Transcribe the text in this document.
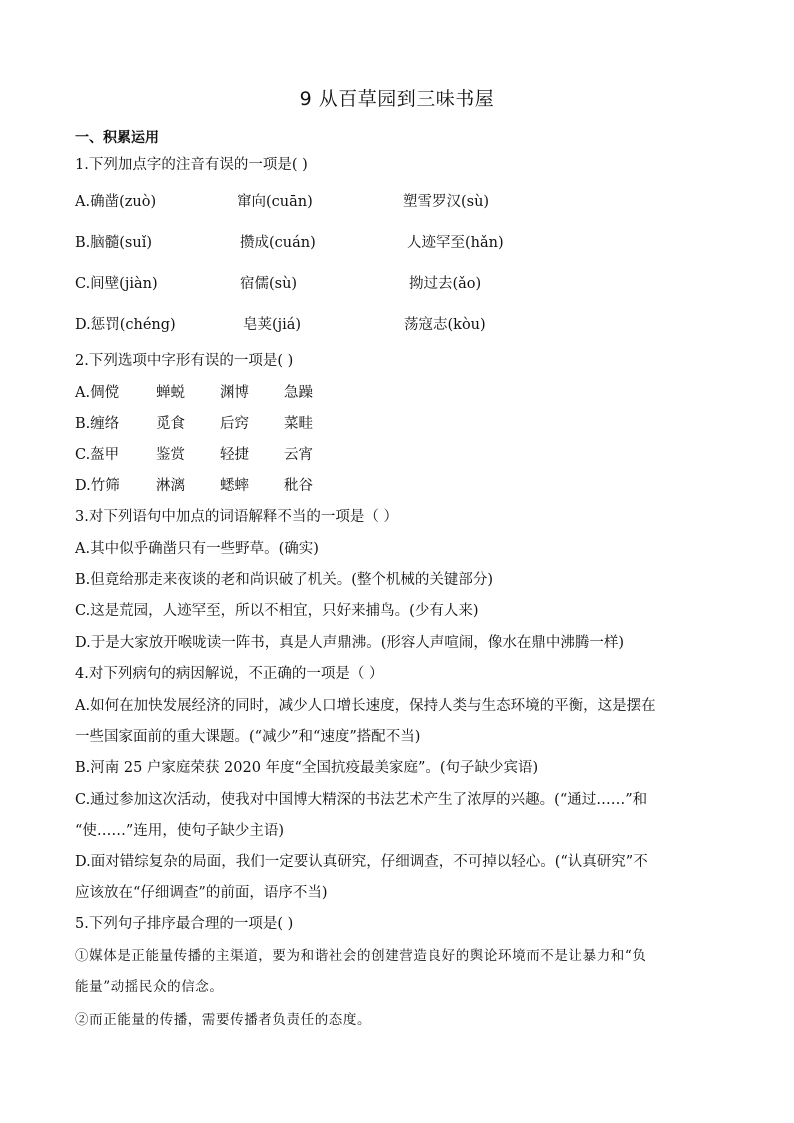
9 从百草园到三味书屋
一、积累运用
1.下列加点字的注音有误的一项是( )
A.确凿(zuò)	窜向(cuān)	塑雪罗汉(sù)
B.脑髓(suǐ)	攒成(cuán)	人迹罕至(hǎn)
C.间壁(jiàn)	宿儒(sù)	拗过去(ǎo)
D.惩罚(chéng)	皂荚(jiá)	荡寇志(kòu)
2.下列选项中字形有误的一项是( )
A.倜傥	蝉蜕 渊博 急躁
B.缠络	觅食 后窍 菜畦
C.盔甲	鉴赏 轻捷 云宵
D.竹筛	淋漓 蟋蟀 秕谷
3.对下列语句中加点的词语解释不当的一项是（ ）
A.其中似乎确凿只有一些野草。(确实)
B.但竟给那走来夜谈的老和尚识破了机关。(整个机械的关键部分)
C.这是荒园，人迹罕至，所以不相宜，只好来捕鸟。(少有人来)
D.于是大家放开喉咙读一阵书，真是人声鼎沸。(形容人声喧闹，像水在鼎中沸腾一样)
4.对下列病句的病因解说，不正确的一项是（ ）
A.如何在加快发展经济的同时，减少人口增长速度，保持人类与生态环境的平衡，这是摆在
一些国家面前的重大课题。(“减少”和“速度”搭配不当)
B.河南 25 户家庭荣获 2020 年度“全国抗疫最美家庭”。(句子缺少宾语)
C.通过参加这次活动，使我对中国博大精深的书法艺术产生了浓厚的兴趣。(“通过……”和
“使……”连用，使句子缺少主语)
D.面对错综复杂的局面，我们一定要认真研究，仔细调查，不可掉以轻心。(“认真研究”不
应该放在“仔细调查”的前面，语序不当)
5.下列句子排序最合理的一项是( )
①媒体是正能量传播的主渠道，要为和谐社会的创建营造良好的舆论环境而不是让暴力和“负
能量”动摇民众的信念。
②而正能量的传播，需要传播者负责任的态度。
